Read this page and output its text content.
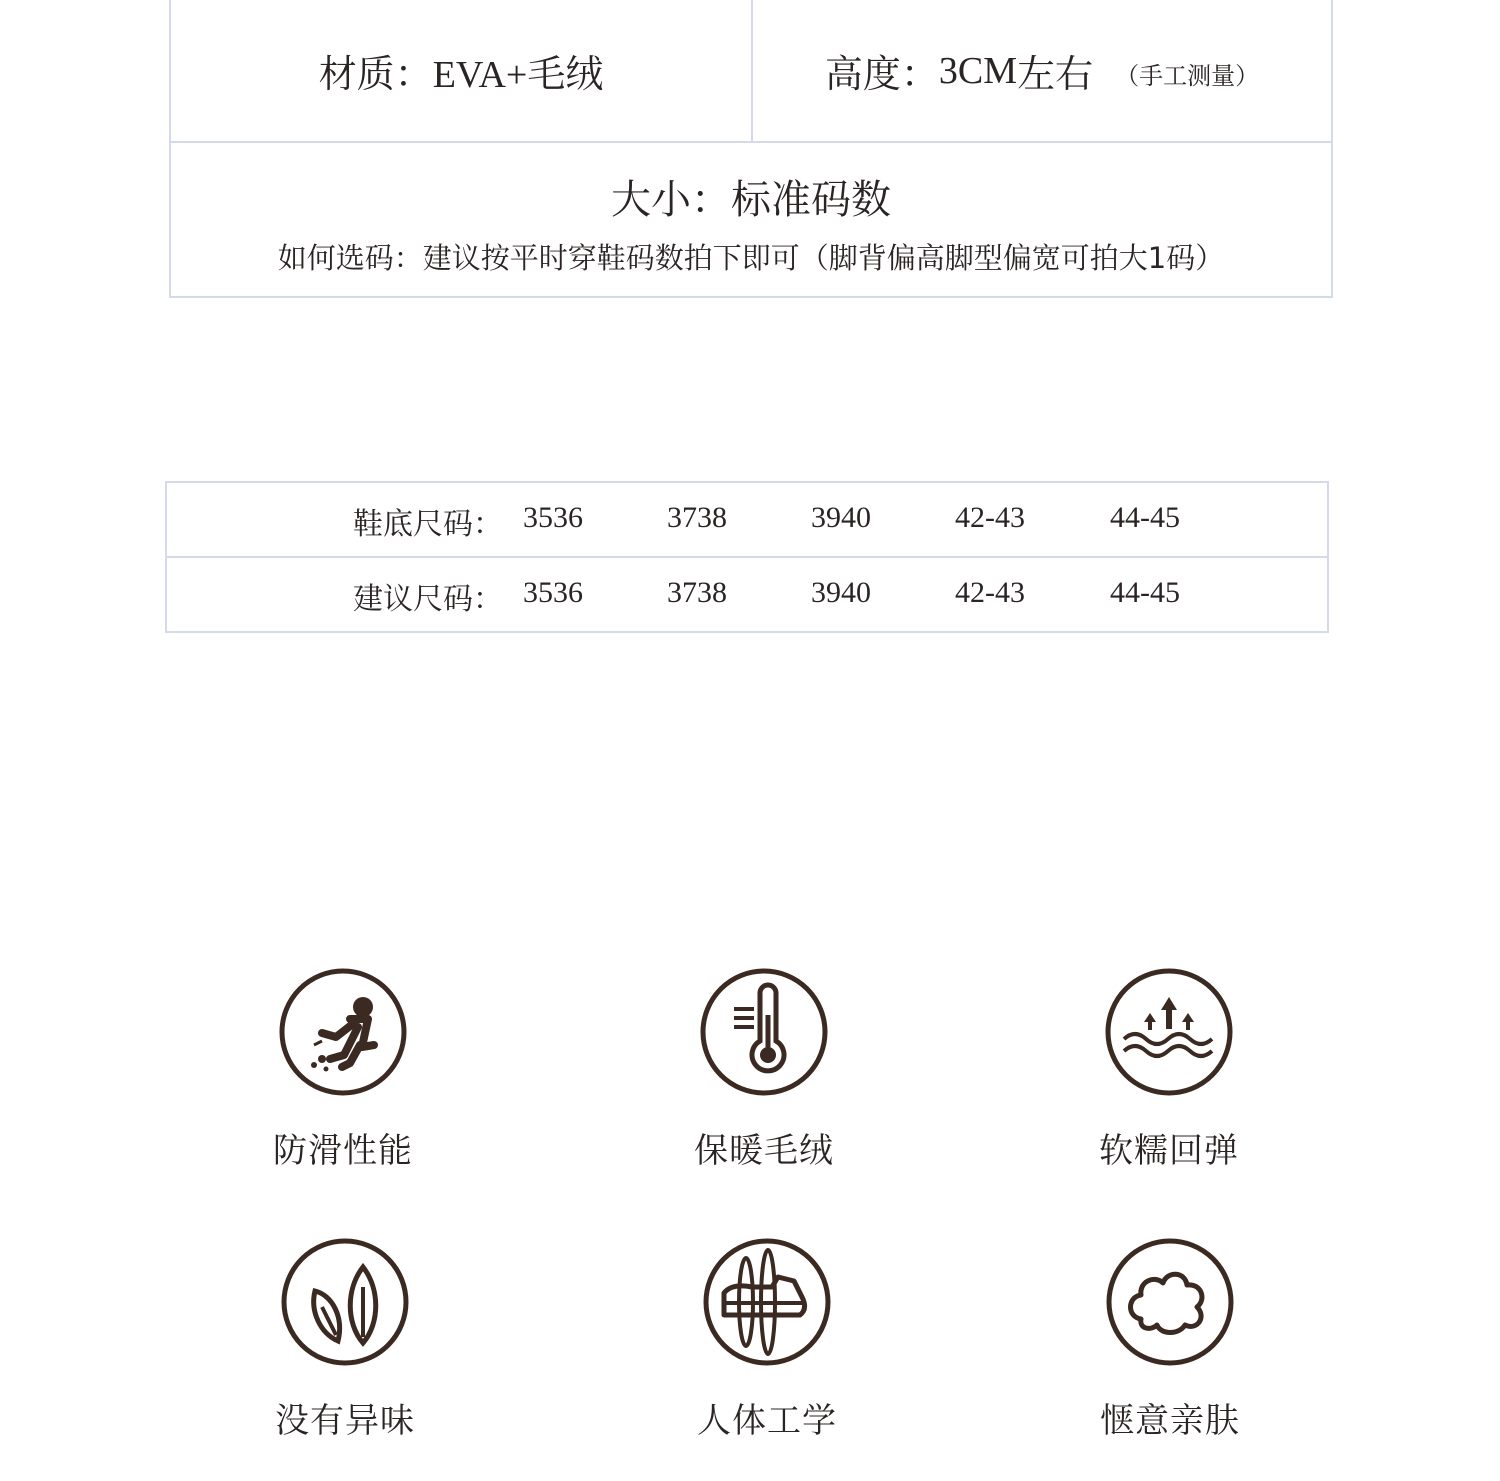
材质： EVA+毛绒	高度： 3CM 左右 （手工测量）
大小：标准码数
如何选码：建议按平时穿鞋码数拍下即可（脚背偏高脚型偏宽可拍大1码）
鞋底尺码： 3536	3738	3940	42-43	44-45
建议尺码： 3536	3738	3940	42-43	44-45
防滑性能	保暖毛绒	软糯回弹
没有异味	人体工学	惬意亲肤
